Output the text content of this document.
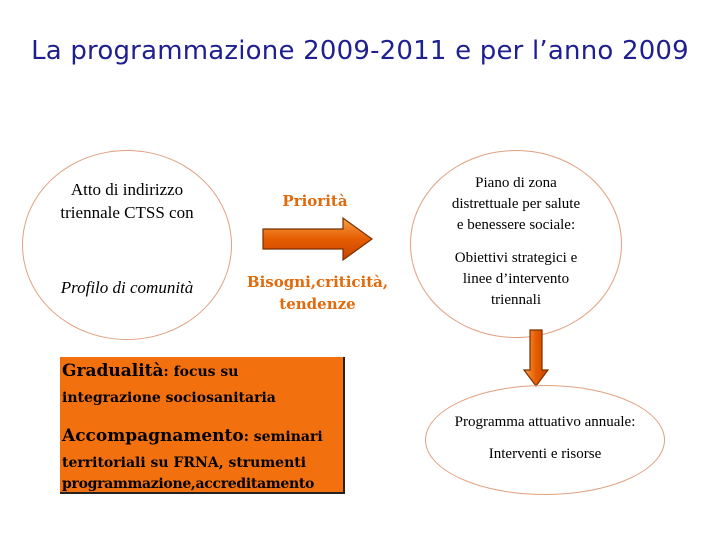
La programmazione 2009-2011 e per l’anno 2009
Atto di indirizzo
triennale CTSS con
Profilo di comunità
Priorità
Bisogni,criticità,
tendenze
Piano di zona
distrettuale per salute
e benessere sociale:
Obiettivi strategici e
linee d’intervento
triennali
Gradualità: focus su
integrazione sociosanitaria
Accompagnamento: seminari
territoriali su FRNA, strumenti
programmazione,accreditamento
Programma attuativo annuale:
Interventi e risorse
